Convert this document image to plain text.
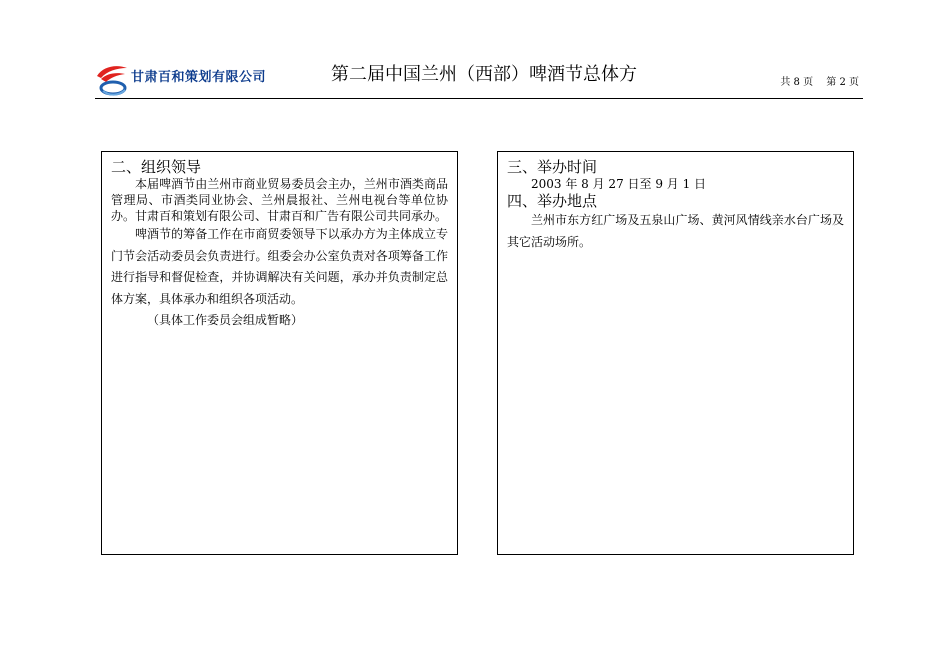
甘肃百和策划有限公司	第二届中国兰州（西部）啤酒节总体方	共 8 页 第 2 页
二、组织领导

本届啤酒节由兰州市商业贸易委员会主办，兰州市酒类商品管理局、市酒类同业协会、兰州晨报社、兰州电视台等单位协办。甘肃百和策划有限公司、甘肃百和广告有限公司共同承办。

啤酒节的筹备工作在市商贸委领导下以承办方为主体成立专门节会活动委员会负责进行。组委会办公室负责对各项筹备工作进行指导和督促检查，并协调解决有关问题，承办并负责制定总体方案，具体承办和组织各项活动。

（具体工作委员会组成暂略）

三、举办时间

2003 年 8 月 27 日至 9 月 1 日

四、举办地点

兰州市东方红广场及五泉山广场、黄河风情线亲水台广场及其它活动场所。
